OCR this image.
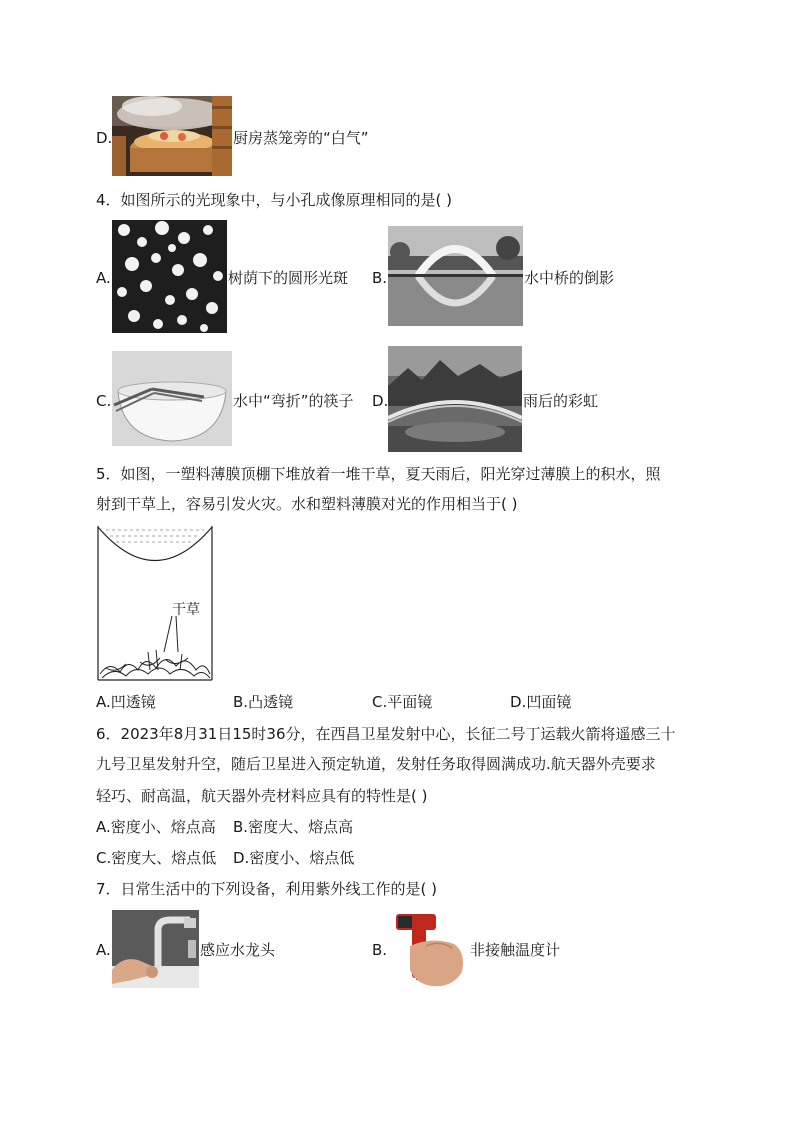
D.	厨房蒸笼旁的“白气”
4．如图所示的光现象中，与小孔成像原理相同的是( )
A.	树荫下的圆形光斑 B.	水中桥的倒影
C.	水中“弯折”的筷子 D.	雨后的彩虹
5．如图，一塑料薄膜顶棚下堆放着一堆干草，夏天雨后，阳光穿过薄膜上的积水，照
射到干草上，容易引发火灾。水和塑料薄膜对光的作用相当于( )
干草
A.凹透镜	B.凸透镜	C.平面镜	D.凹面镜
6．2023年8月31日15时36分，在西昌卫星发射中心，长征二号丁运载火箭将遥感三十
九号卫星发射升空，随后卫星进入预定轨道，发射任务取得圆满成功.航天器外壳要求
轻巧、耐高温，航天器外壳材料应具有的特性是( )
A.密度小、熔点高 B.密度大、熔点高
C.密度大、熔点低 D.密度小、熔点低
7．日常生活中的下列设备，利用紫外线工作的是( )
A.	感应水龙头	B.	非接触温度计
